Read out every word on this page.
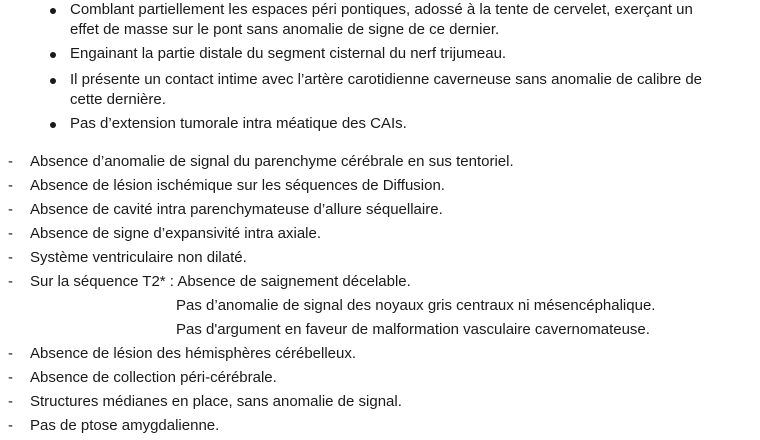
Comblant partiellement les espaces péri pontiques, adossé à la tente de cervelet, exerçant un
effet de masse sur le pont sans anomalie de signe de ce dernier.
Engainant la partie distale du segment cisternal du nerf trijumeau.
Il présente un contact intime avec l’artère carotidienne caverneuse sans anomalie de calibre de
cette dernière.
Pas d’extension tumorale intra méatique des CAIs.
- Absence d’anomalie de signal du parenchyme cérébrale en sus tentoriel.
- Absence de lésion ischémique sur les séquences de Diffusion.
- Absence de cavité intra parenchymateuse d’allure séquellaire.
- Absence de signe d’expansivité intra axiale.
- Système ventriculaire non dilaté.
- Sur la séquence T2* : Absence de saignement décelable.
Pas d’anomalie de signal des noyaux gris centraux ni mésencéphalique.
Pas d'argument en faveur de malformation vasculaire cavernomateuse.
- Absence de lésion des hémisphères cérébelleux.
- Absence de collection péri-cérébrale.
- Structures médianes en place, sans anomalie de signal.
- Pas de ptose amygdalienne.
